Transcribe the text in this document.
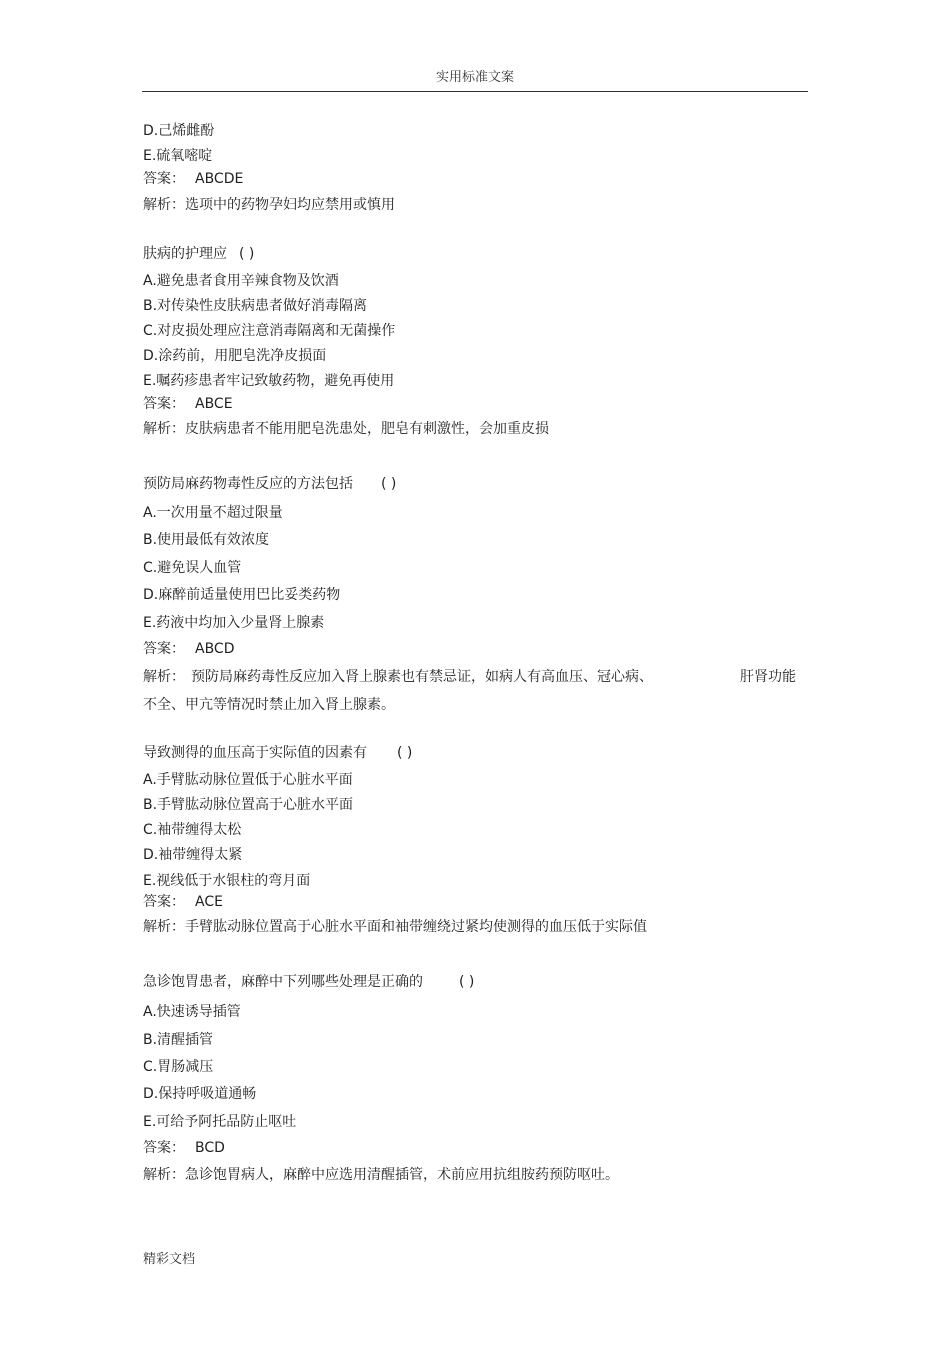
实用标准文案
D.己烯雌酚
E.硫氧嘧啶
答案： ABCDE
解析：选项中的药物孕妇均应禁用或慎用
肤病的护理应 ( )
A.避免患者食用辛辣食物及饮酒
B.对传染性皮肤病患者做好消毒隔离
C.对皮损处理应注意消毒隔离和无菌操作
D.涂药前，用肥皂洗净皮损面
E.嘱药疹患者牢记致敏药物，避免再使用
答案： ABCE
解析：皮肤病患者不能用肥皂洗患处，肥皂有刺激性，会加重皮损
预防局麻药物毒性反应的方法包括 ( )
A.一次用量不超过限量
B.使用最低有效浓度
C.避免误人血管
D.麻醉前适量使用巴比妥类药物
E.药液中均加入少量肾上腺素
答案： ABCD
解析： 预防局麻药毒性反应加入肾上腺素也有禁忌证，如病人有高血压、冠心病、	肝肾功能
不全、甲亢等情况时禁止加入肾上腺素。
导致测得的血压高于实际值的因素有 ( )
A.手臂肱动脉位置低于心脏水平面
B.手臂肱动脉位置高于心脏水平面
C.袖带缠得太松
D.袖带缠得太紧
E.视线低于水银柱的弯月面
答案： ACE
解析：手臂肱动脉位置高于心脏水平面和袖带缠绕过紧均使测得的血压低于实际值
急诊饱胃患者，麻醉中下列哪些处理是正确的	( )
A.快速诱导插管
B.清醒插管
C.胃肠减压
D.保持呼吸道通畅
E.可给予阿托品防止呕吐
答案： BCD
解析：急诊饱胃病人，麻醉中应选用清醒插管，术前应用抗组胺药预防呕吐。
精彩文档
